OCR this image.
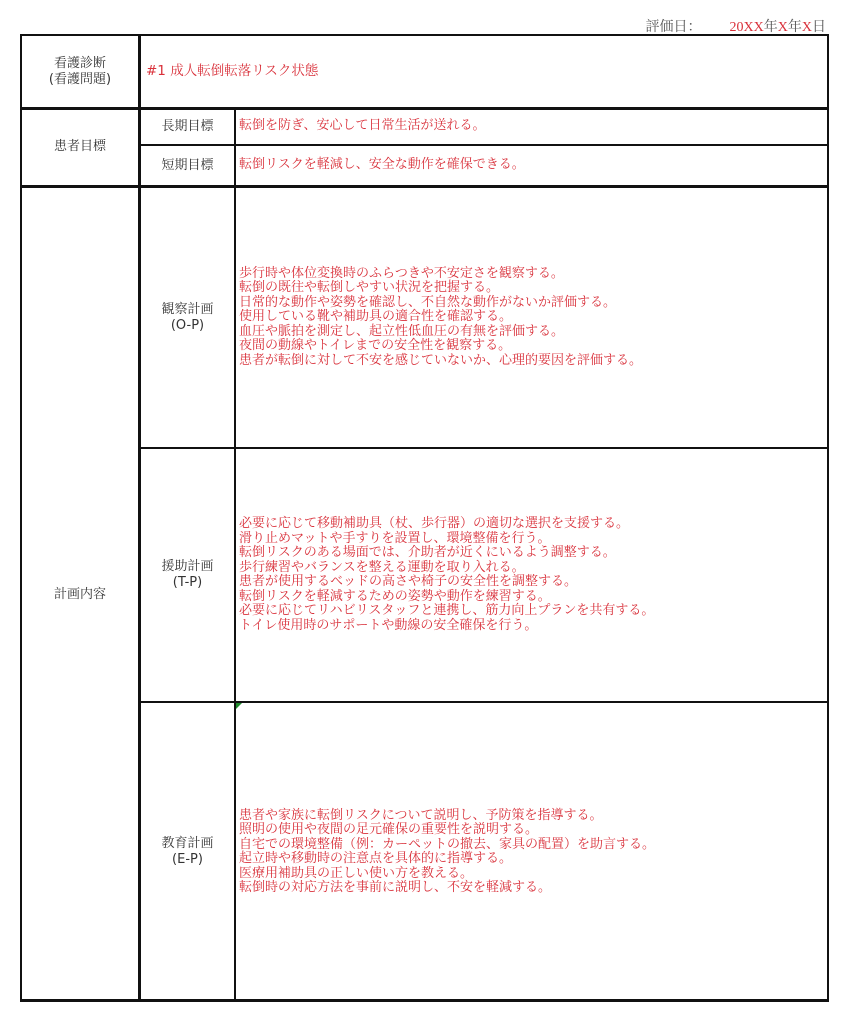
評価日： 20XX年X年X日
看護診断
(看護問題)	#1 成人転倒転落リスク状態
患者目標
長期目標 転倒を防ぎ、安心して日常生活が送れる。
短期目標 転倒リスクを軽減し、安全な動作を確保できる。
計画内容
観察計画
(O-P)
歩行時や体位変換時のふらつきや不安定さを観察する。
転倒の既往や転倒しやすい状況を把握する。
日常的な動作や姿勢を確認し、不自然な動作がないか評価する。
使用している靴や補助具の適合性を確認する。
血圧や脈拍を測定し、起立性低血圧の有無を評価する。
夜間の動線やトイレまでの安全性を観察する。
患者が転倒に対して不安を感じていないか、心理的要因を評価する。
援助計画
(T-P)
必要に応じて移動補助具（杖、歩行器）の適切な選択を支援する。
滑り止めマットや手すりを設置し、環境整備を行う。
転倒リスクのある場面では、介助者が近くにいるよう調整する。
歩行練習やバランスを整える運動を取り入れる。
患者が使用するベッドの高さや椅子の安全性を調整する。
転倒リスクを軽減するための姿勢や動作を練習する。
必要に応じてリハビリスタッフと連携し、筋力向上プランを共有する。
トイレ使用時のサポートや動線の安全確保を行う。
教育計画
(E-P)
患者や家族に転倒リスクについて説明し、予防策を指導する。
照明の使用や夜間の足元確保の重要性を説明する。
自宅での環境整備（例：カーペットの撤去、家具の配置）を助言する。
起立時や移動時の注意点を具体的に指導する。
医療用補助具の正しい使い方を教える。
転倒時の対応方法を事前に説明し、不安を軽減する。
